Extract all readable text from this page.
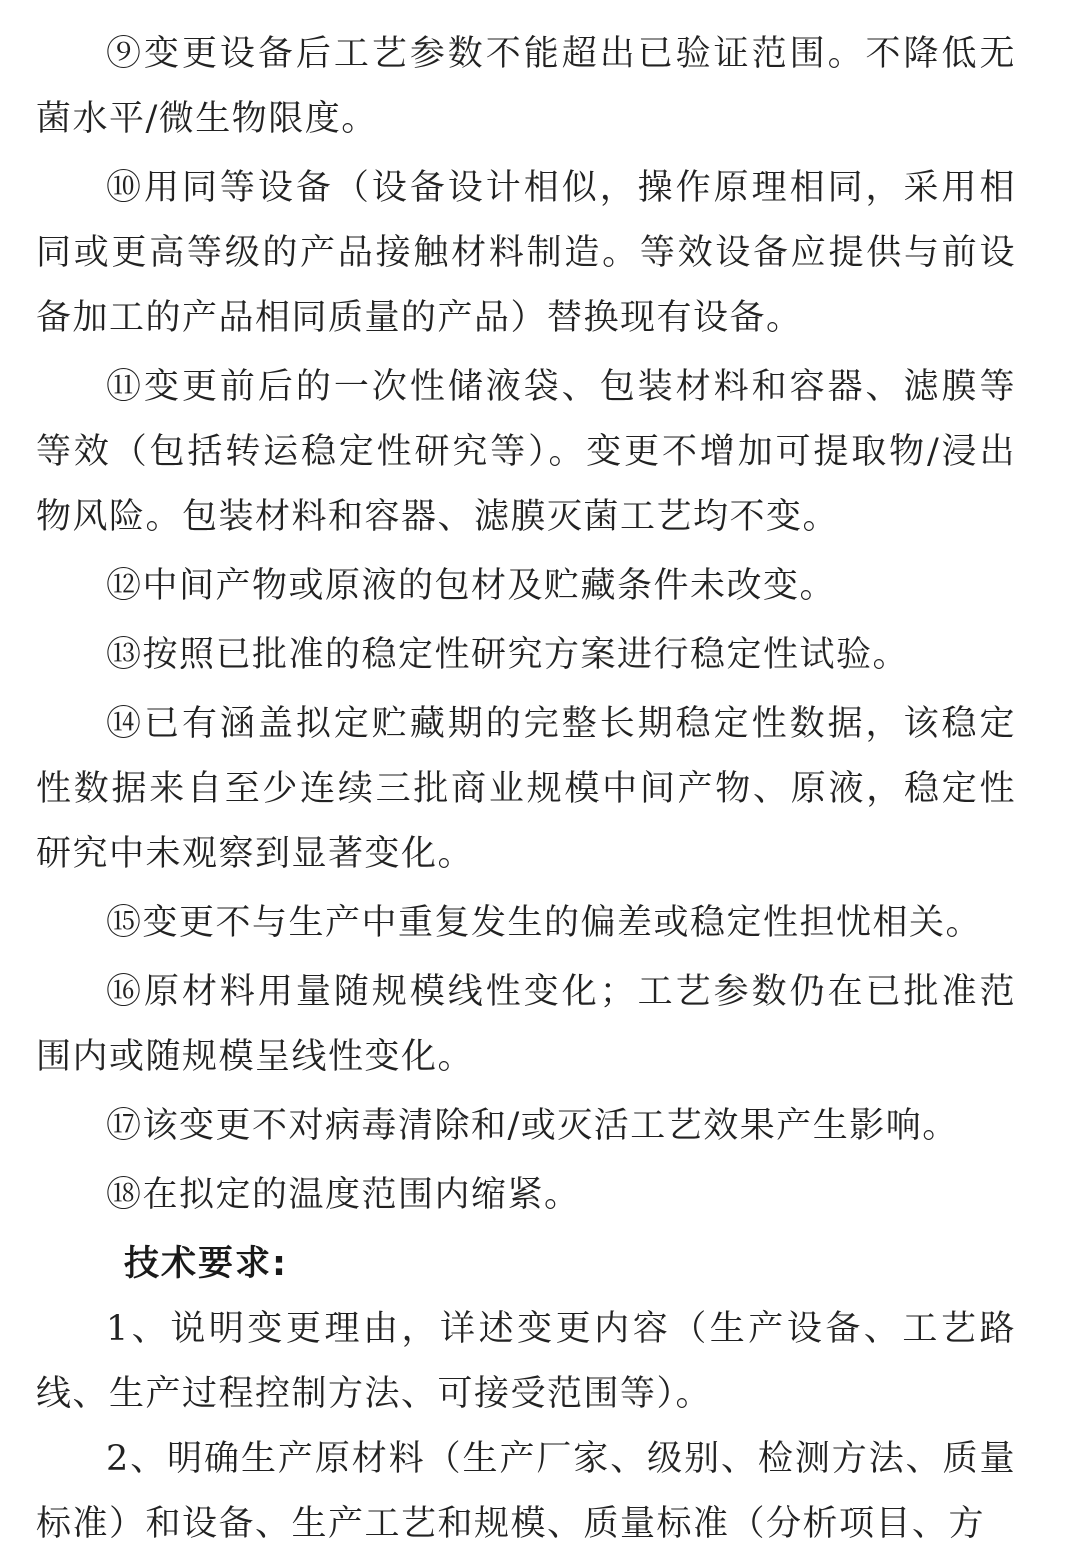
⑨变更设备后工艺参数不能超出已验证范围。不降低无菌水平/微生物限度。

⑩用同等设备（设备设计相似，操作原理相同，采用相同或更高等级的产品接触材料制造。等效设备应提供与前设备加工的产品相同质量的产品）替换现有设备。

⑪变更前后的一次性储液袋、包装材料和容器、滤膜等等效（包括转运稳定性研究等）。变更不增加可提取物/浸出物风险。包装材料和容器、滤膜灭菌工艺均不变。

⑫中间产物或原液的包材及贮藏条件未改变。

⑬按照已批准的稳定性研究方案进行稳定性试验。

⑭已有涵盖拟定贮藏期的完整长期稳定性数据，该稳定性数据来自至少连续三批商业规模中间产物、原液，稳定性研究中未观察到显著变化。

⑮变更不与生产中重复发生的偏差或稳定性担忧相关。

⑯原材料用量随规模线性变化；工艺参数仍在已批准范围内或随规模呈线性变化。

⑰该变更不对病毒清除和/或灭活工艺效果产生影响。

⑱在拟定的温度范围内缩紧。

技术要求:

1、说明变更理由，详述变更内容（生产设备、工艺路线、生产过程控制方法、可接受范围等）。

2、明确生产原材料（生产厂家、级别、检测方法、质量标准）和设备、生产工艺和规模、质量标准（分析项目、方
